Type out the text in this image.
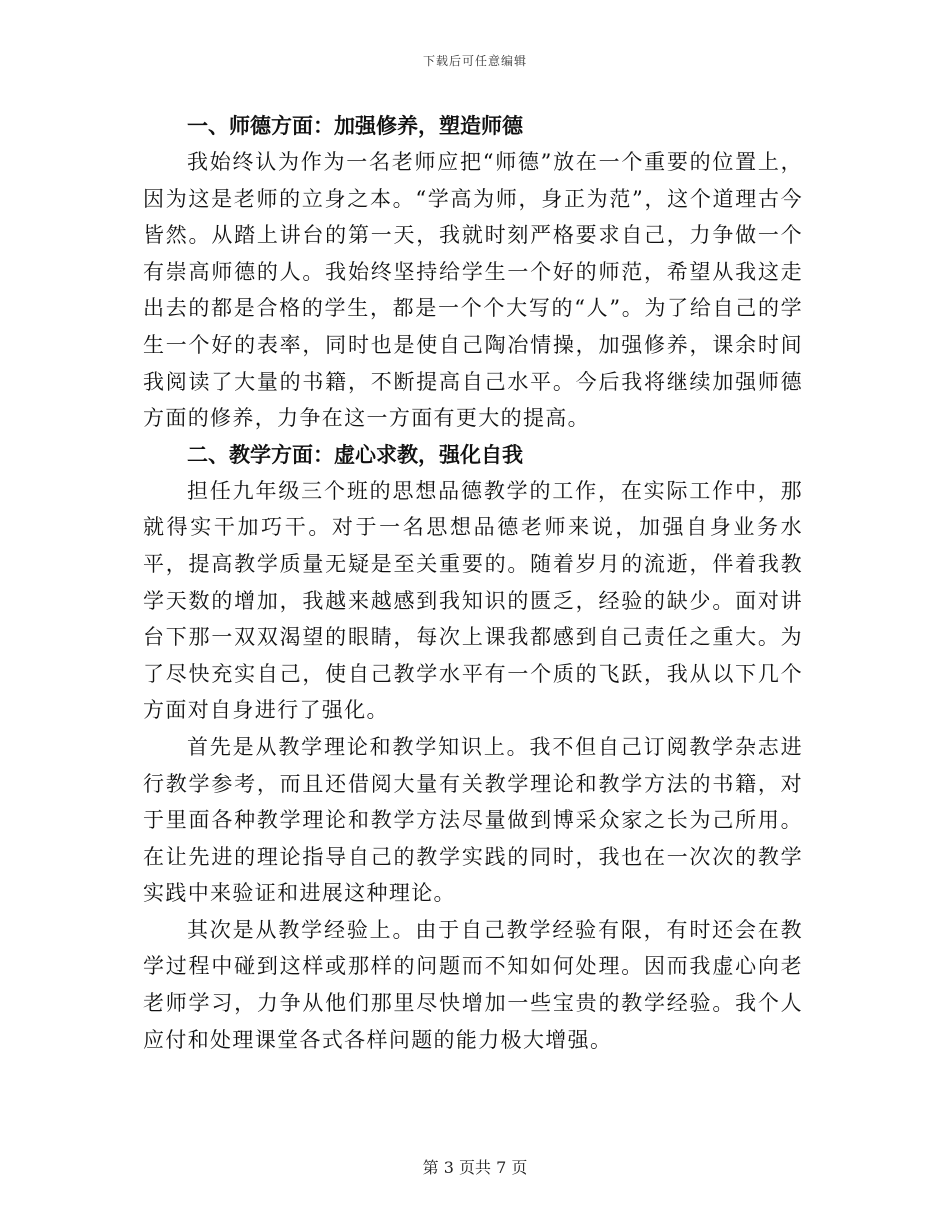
下载后可任意编辑
一、师德方面：加强修养，塑造师德

我始终认为作为一名老师应把“师德”放在一个重要的位置上，因为这是老师的立身之本。“学高为师，身正为范”，这个道理古今皆然。从踏上讲台的第一天，我就时刻严格要求自己，力争做一个有崇高师德的人。我始终坚持给学生一个好的师范，希望从我这走出去的都是合格的学生，都是一个个大写的“人”。为了给自己的学生一个好的表率，同时也是使自己陶冶情操，加强修养，课余时间我阅读了大量的书籍，不断提高自己水平。今后我将继续加强师德方面的修养，力争在这一方面有更大的提高。

二、教学方面：虚心求教，强化自我

担任九年级三个班的思想品德教学的工作，在实际工作中，那就得实干加巧干。对于一名思想品德老师来说，加强自身业务水平，提高教学质量无疑是至关重要的。随着岁月的流逝，伴着我教学天数的增加，我越来越感到我知识的匮乏，经验的缺少。面对讲台下那一双双渴望的眼睛，每次上课我都感到自己责任之重大。为了尽快充实自己，使自己教学水平有一个质的飞跃，我从以下几个方面对自身进行了强化。

首先是从教学理论和教学知识上。我不但自己订阅教学杂志进行教学参考，而且还借阅大量有关教学理论和教学方法的书籍，对于里面各种教学理论和教学方法尽量做到博采众家之长为己所用。在让先进的理论指导自己的教学实践的同时，我也在一次次的教学实践中来验证和进展这种理论。

其次是从教学经验上。由于自己教学经验有限，有时还会在教学过程中碰到这样或那样的问题而不知如何处理。因而我虚心向老老师学习，力争从他们那里尽快增加一些宝贵的教学经验。我个人应付和处理课堂各式各样问题的能力极大增强。

第 3 页共 7 页
